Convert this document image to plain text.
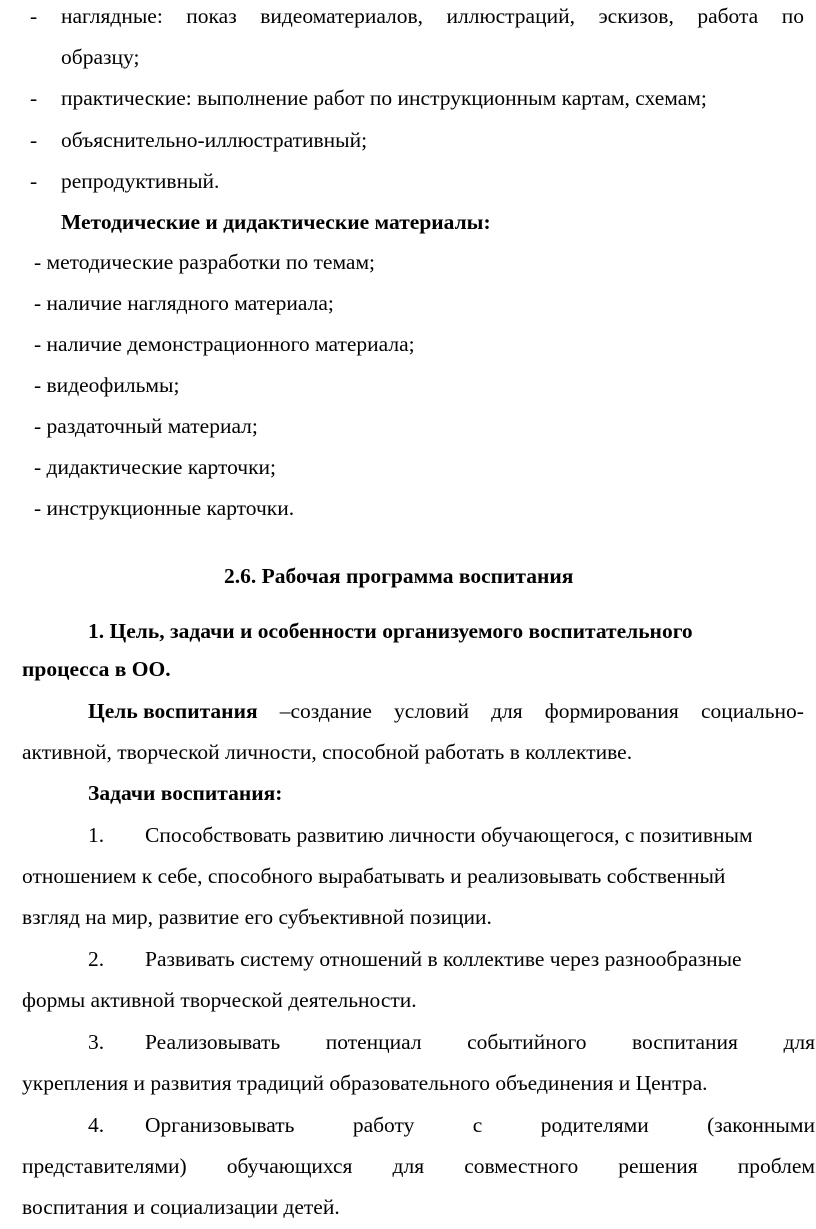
- наглядные: показ видеоматериалов, иллюстраций, эскизов, работа по
образцу;
- практические: выполнение работ по инструкционным картам, схемам;
- объяснительно-иллюстративный;
- репродуктивный.
Методические и дидактические материалы:
- методические разработки по темам;
- наличие наглядного материала;
- наличие демонстрационного материала;
- видеофильмы;
- раздаточный материал;
- дидактические карточки;
- инструкционные карточки.
2.6. Рабочая программа воспитания
1. Цель, задачи и особенности организуемого воспитательного
процесса в ОО.
Цель воспитания –создание условий для формирования социально-
активной, творческой личности, способной работать в коллективе.
Задачи воспитания:
1. Способствовать развитию личности обучающегося, с позитивным
отношением к себе, способного вырабатывать и реализовывать собственный
взгляд на мир, развитие его субъективной позиции.
2. Развивать систему отношений в коллективе через разнообразные
формы активной творческой деятельности.
3. Реализовывать потенциал событийного воспитания для
укрепления и развития традиций образовательного объединения и Центра.
4. Организовывать	работу	с	родителями	(законными
представителями) обучающихся для совместного решения проблем
воспитания и социализации детей.
